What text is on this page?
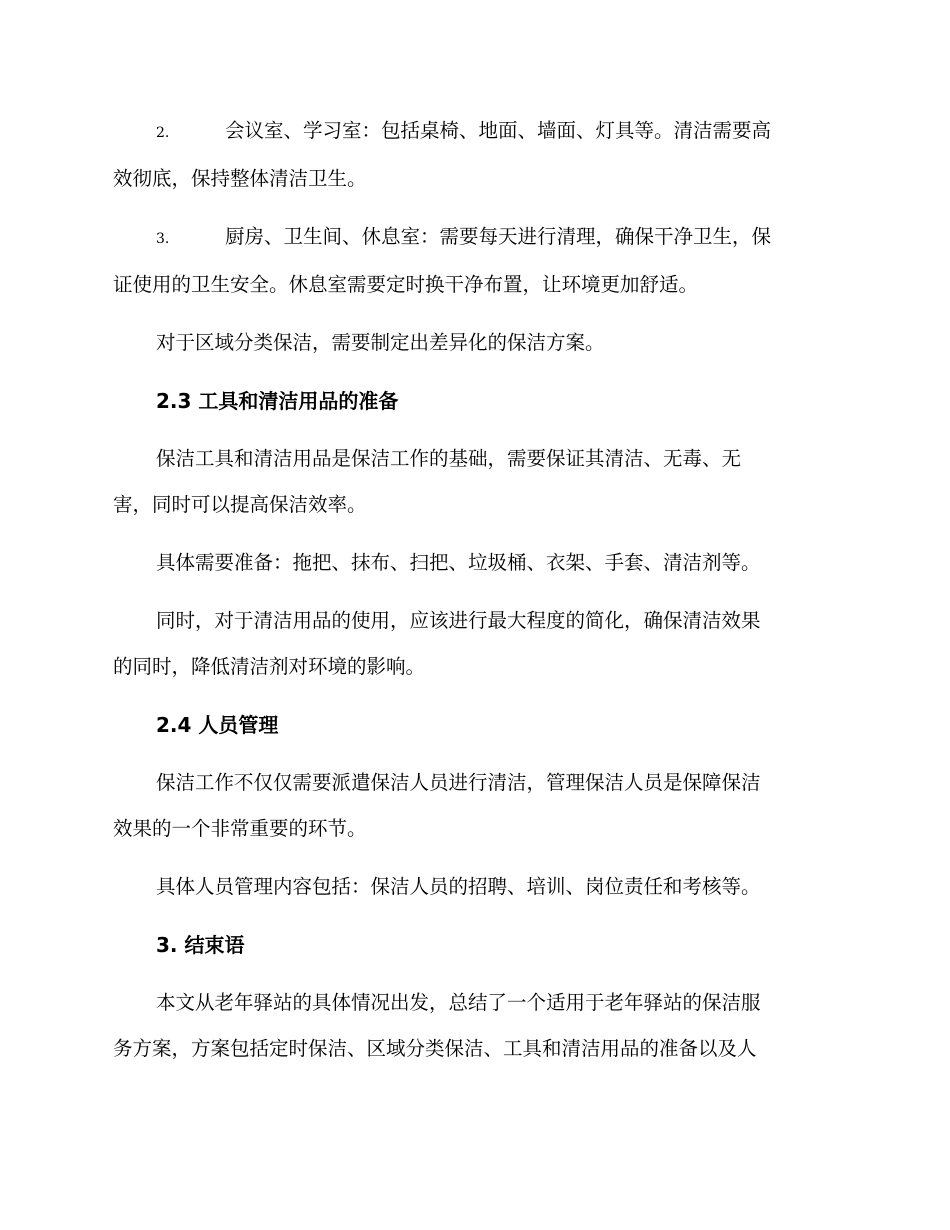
2.	会议室、学习室：包括桌椅、地面、墙面、灯具等。清洁需要高
效彻底，保持整体清洁卫生。
3.	厨房、卫生间、休息室：需要每天进行清理，确保干净卫生，保
证使用的卫生安全。休息室需要定时换干净布置，让环境更加舒适。
对于区域分类保洁，需要制定出差异化的保洁方案。
2.3 工具和清洁用品的准备
保洁工具和清洁用品是保洁工作的基础，需要保证其清洁、无毒、无
害，同时可以提高保洁效率。
具体需要准备：拖把、抹布、扫把、垃圾桶、衣架、手套、清洁剂等。
同时，对于清洁用品的使用，应该进行最大程度的简化，确保清洁效果
的同时，降低清洁剂对环境的影响。
2.4 人员管理
保洁工作不仅仅需要派遣保洁人员进行清洁，管理保洁人员是保障保洁
效果的一个非常重要的环节。
具体人员管理内容包括：保洁人员的招聘、培训、岗位责任和考核等。
3. 结束语
本文从老年驿站的具体情况出发，总结了一个适用于老年驿站的保洁服
务方案，方案包括定时保洁、区域分类保洁、工具和清洁用品的准备以及人
